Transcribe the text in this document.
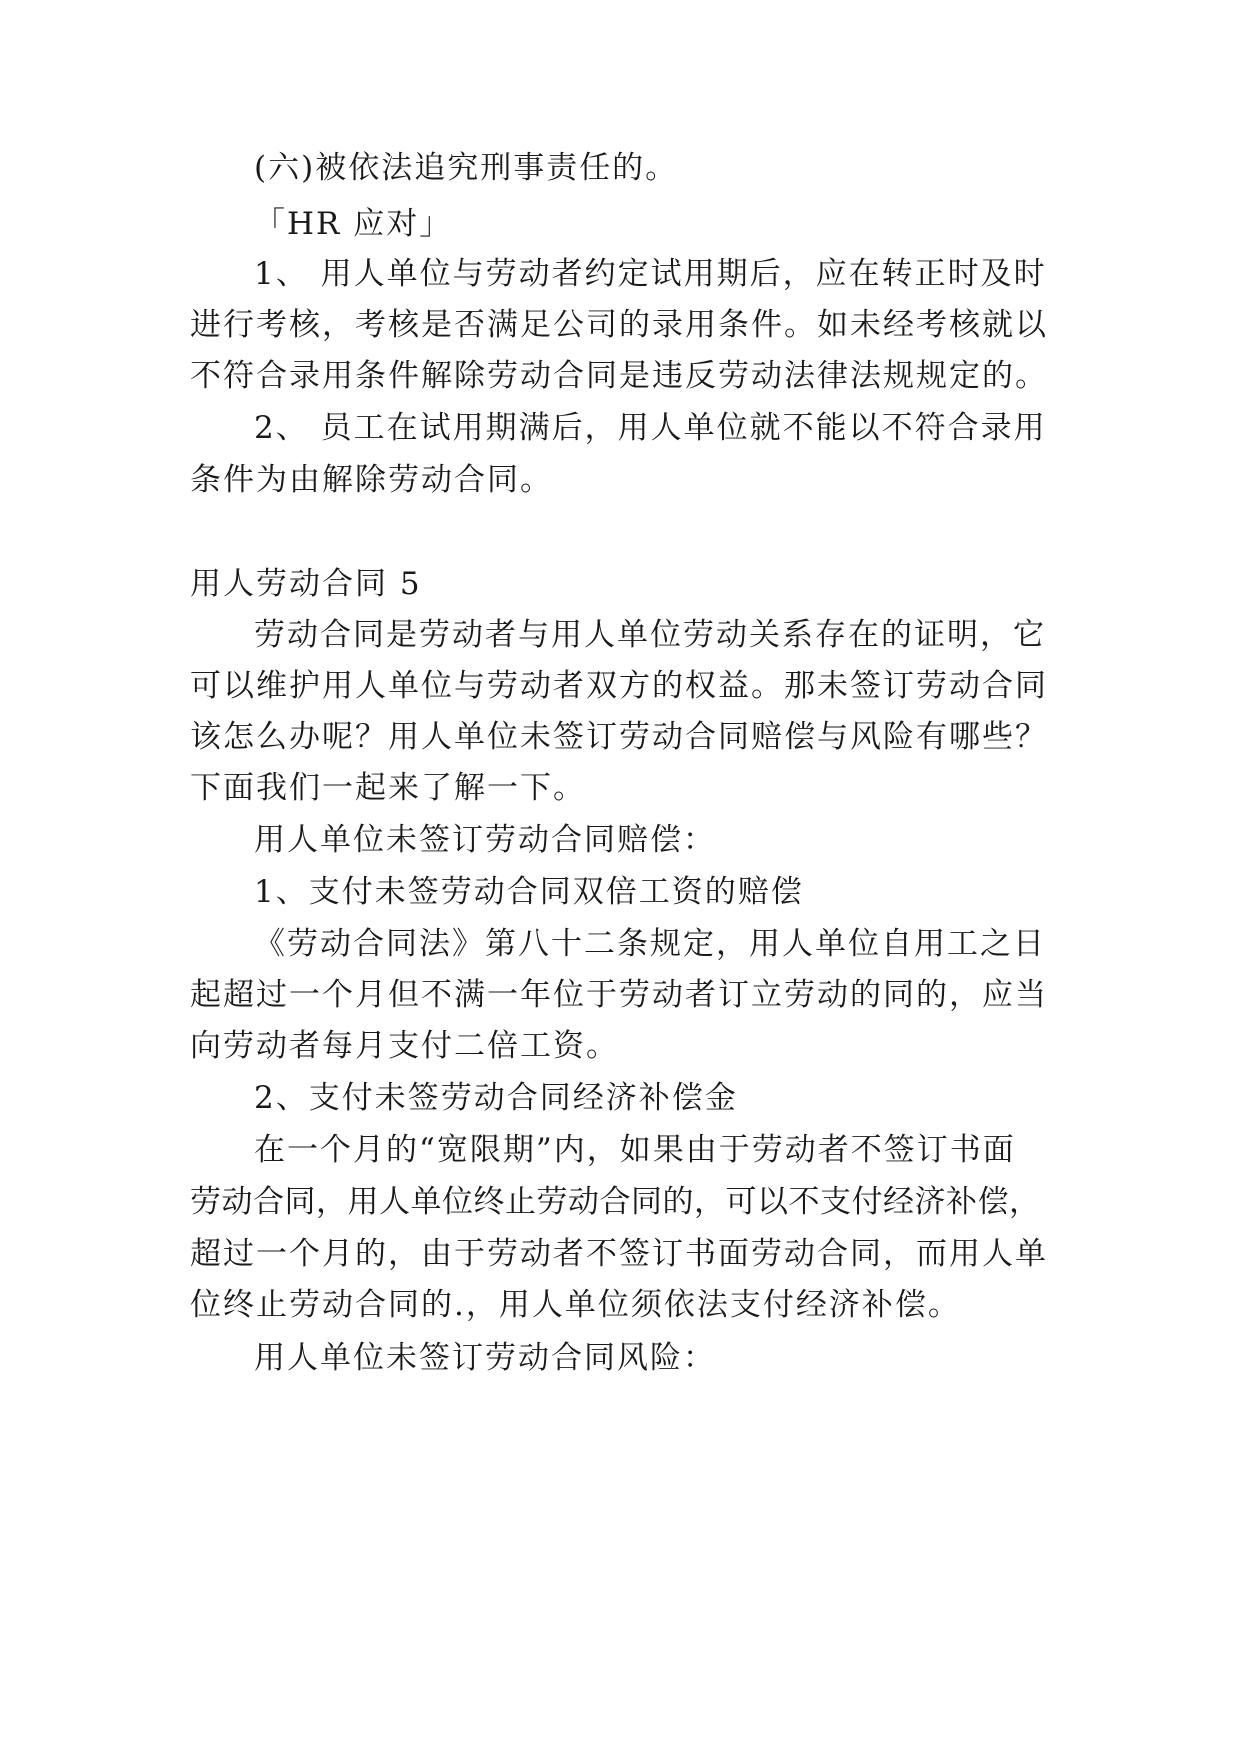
(六)被依法追究刑事责任的。
「HR 应对」
1、 用人单位与劳动者约定试用期后，应在转正时及时
进行考核，考核是否满足公司的录用条件。如未经考核就以
不符合录用条件解除劳动合同是违反劳动法律法规规定的。
2、 员工在试用期满后，用人单位就不能以不符合录用
条件为由解除劳动合同。
用人劳动合同 5
劳动合同是劳动者与用人单位劳动关系存在的证明，它
可以维护用人单位与劳动者双方的权益。那未签订劳动合同
该怎么办呢？用人单位未签订劳动合同赔偿与风险有哪些？
下面我们一起来了解一下。
用人单位未签订劳动合同赔偿：
1、支付未签劳动合同双倍工资的赔偿
《劳动合同法》第八十二条规定，用人单位自用工之日
起超过一个月但不满一年位于劳动者订立劳动的同的，应当
向劳动者每月支付二倍工资。
2、支付未签劳动合同经济补偿金
在一个月的“宽限期”内，如果由于劳动者不签订书面
劳动合同，用人单位终止劳动合同的，可以不支付经济补偿，
超过一个月的，由于劳动者不签订书面劳动合同，而用人单
位终止劳动合同的.，用人单位须依法支付经济补偿。
用人单位未签订劳动合同风险：
